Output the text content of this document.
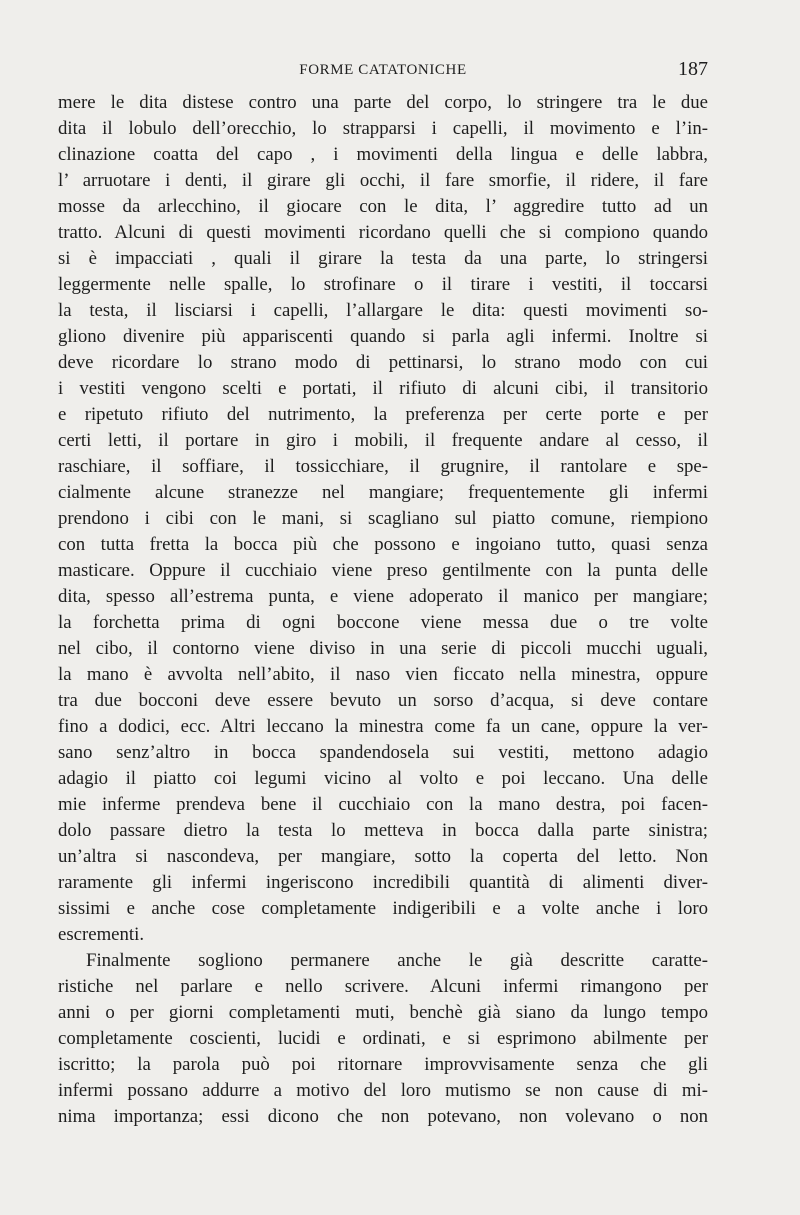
FORME CATATONICHE	187
mere le dita distese contro una parte del corpo, lo stringere tra le due
dita il lobulo dell’orecchio, lo strapparsi i capelli, il movimento e l’in-
clinazione coatta del capo , i movimenti della lingua e delle labbra,
l’ arruotare i denti, il girare gli occhi, il fare smorfie, il ridere, il fare
mosse da arlecchino, il giocare con le dita, l’ aggredire tutto ad un
tratto. Alcuni di questi movimenti ricordano quelli che si compiono quando
si è impacciati , quali il girare la testa da una parte, lo stringersi
leggermente nelle spalle, lo strofinare o il tirare i vestiti, il toccarsi
la testa, il lisciarsi i capelli, l’allargare le dita: questi movimenti so-
gliono divenire più appariscenti quando si parla agli infermi. Inoltre si
deve ricordare lo strano modo di pettinarsi, lo strano modo con cui
i vestiti vengono scelti e portati, il rifiuto di alcuni cibi, il transitorio
e ripetuto rifiuto del nutrimento, la preferenza per certe porte e per
certi letti, il portare in giro i mobili, il frequente andare al cesso, il
raschiare, il soffiare, il tossicchiare, il grugnire, il rantolare e spe-
cialmente alcune stranezze nel mangiare; frequentemente gli infermi
prendono i cibi con le mani, si scagliano sul piatto comune, riempiono
con tutta fretta la bocca più che possono e ingoiano tutto, quasi senza
masticare. Oppure il cucchiaio viene preso gentilmente con la punta delle
dita, spesso all’estrema punta, e viene adoperato il manico per mangiare;
la forchetta prima di ogni boccone viene messa due o tre volte
nel cibo, il contorno viene diviso in una serie di piccoli mucchi uguali,
la mano è avvolta nell’abito, il naso vien ficcato nella minestra, oppure
tra due bocconi deve essere bevuto un sorso d’acqua, si deve contare
fino a dodici, ecc. Altri leccano la minestra come fa un cane, oppure la ver-
sano senz’altro in bocca spandendosela sui vestiti, mettono adagio
adagio il piatto coi legumi vicino al volto e poi leccano. Una delle
mie inferme prendeva bene il cucchiaio con la mano destra, poi facen-
dolo passare dietro la testa lo metteva in bocca dalla parte sinistra;
un’altra si nascondeva, per mangiare, sotto la coperta del letto. Non
raramente gli infermi ingeriscono incredibili quantità di alimenti diver-
sissimi e anche cose completamente indigeribili e a volte anche i loro
escrementi.
Finalmente sogliono permanere anche le già descritte caratte-
ristiche nel parlare e nello scrivere. Alcuni infermi rimangono per
anni o per giorni completamenti muti, benchè già siano da lungo tempo
completamente coscienti, lucidi e ordinati, e si esprimono abilmente per
iscritto; la parola può poi ritornare improvvisamente senza che gli
infermi possano addurre a motivo del loro mutismo se non cause di mi-
nima importanza; essi dicono che non potevano, non volevano o non
